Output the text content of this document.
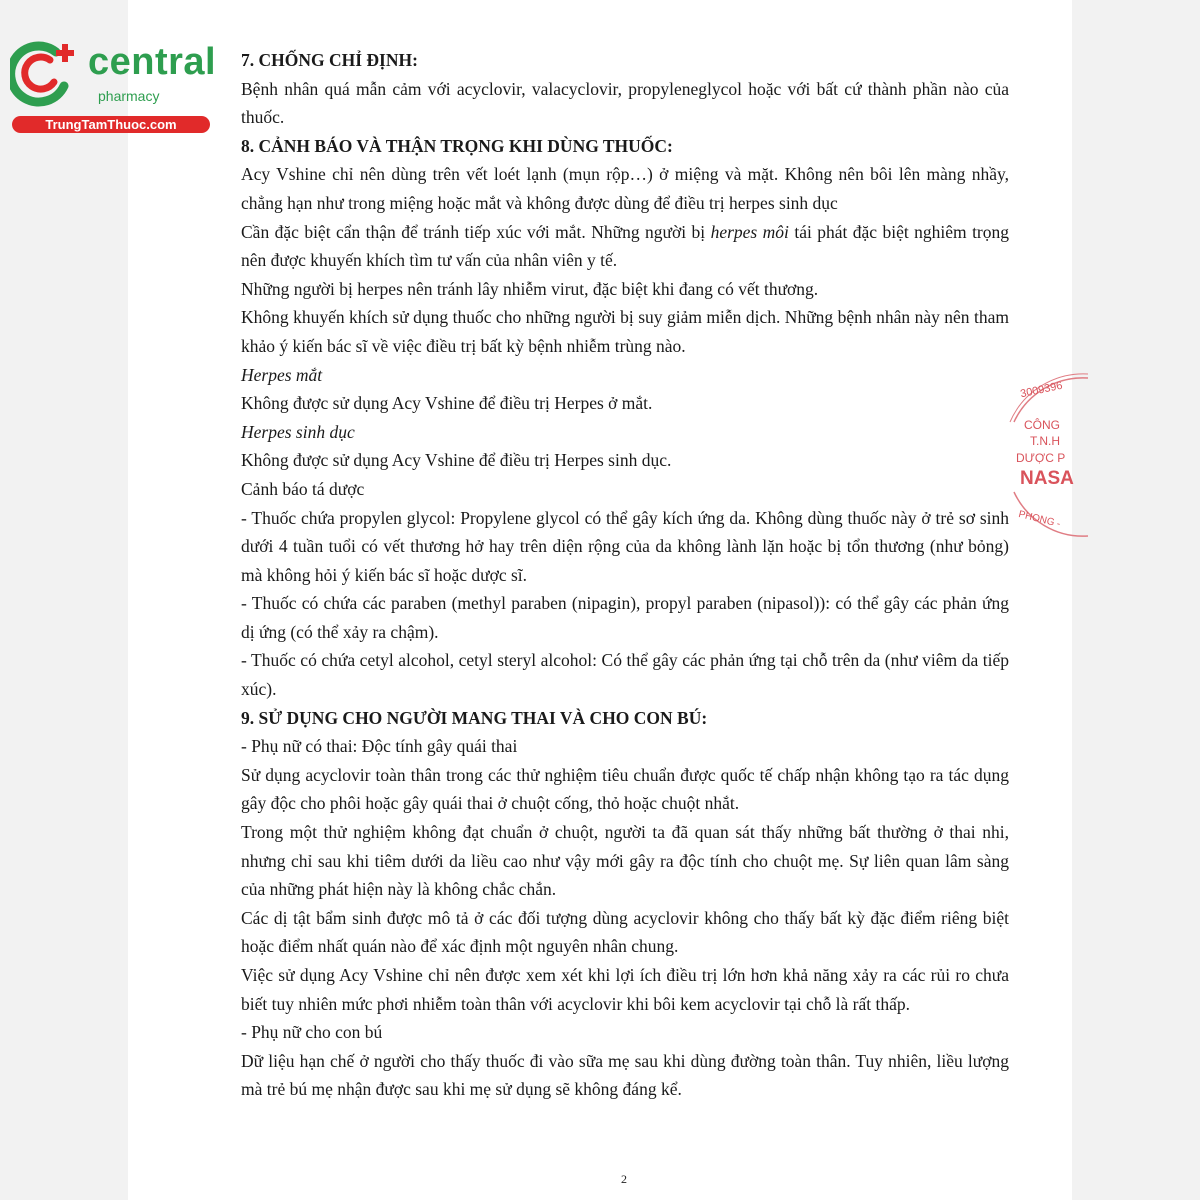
central
pharmacy
TrungTamThuoc.com
3009396
CÔNG
T.N.H
DƯỢC P
NASA
PHONG -
7. CHỐNG CHỈ ĐỊNH:

Bệnh nhân quá mẫn cảm với acyclovir, valacyclovir, propyleneglycol hoặc với bất cứ thành phần nào của thuốc.

8. CẢNH BÁO VÀ THẬN TRỌNG KHI DÙNG THUỐC:

Acy Vshine chỉ nên dùng trên vết loét lạnh (mụn rộp…) ở miệng và mặt. Không nên bôi lên màng nhầy, chẳng hạn như trong miệng hoặc mắt và không được dùng để điều trị herpes sinh dục

Cần đặc biệt cẩn thận để tránh tiếp xúc với mắt. Những người bị herpes môi tái phát đặc biệt nghiêm trọng nên được khuyến khích tìm tư vấn của nhân viên y tế.

Những người bị herpes nên tránh lây nhiễm virut, đặc biệt khi đang có vết thương.

Không khuyến khích sử dụng thuốc cho những người bị suy giảm miễn dịch. Những bệnh nhân này nên tham khảo ý kiến bác sĩ về việc điều trị bất kỳ bệnh nhiễm trùng nào.

Herpes mắt

Không được sử dụng Acy Vshine để điều trị Herpes ở mắt.

Herpes sinh dục

Không được sử dụng Acy Vshine để điều trị Herpes sinh dục.

Cảnh báo tá dược

- Thuốc chứa propylen glycol: Propylene glycol có thể gây kích ứng da. Không dùng thuốc này ở trẻ sơ sinh dưới 4 tuần tuổi có vết thương hở hay trên diện rộng của da không lành lặn hoặc bị tổn thương (như bỏng) mà không hỏi ý kiến bác sĩ hoặc dược sĩ.

- Thuốc có chứa các paraben (methyl paraben (nipagin), propyl paraben (nipasol)): có thể gây các phản ứng dị ứng (có thể xảy ra chậm).

- Thuốc có chứa cetyl alcohol, cetyl steryl alcohol: Có thể gây các phản ứng tại chỗ trên da (như viêm da tiếp xúc).

9. SỬ DỤNG CHO NGƯỜI MANG THAI VÀ CHO CON BÚ:

- Phụ nữ có thai: Độc tính gây quái thai

Sử dụng acyclovir toàn thân trong các thử nghiệm tiêu chuẩn được quốc tế chấp nhận không tạo ra tác dụng gây độc cho phôi hoặc gây quái thai ở chuột cống, thỏ hoặc chuột nhắt.

Trong một thử nghiệm không đạt chuẩn ở chuột, người ta đã quan sát thấy những bất thường ở thai nhi, nhưng chỉ sau khi tiêm dưới da liều cao như vậy mới gây ra độc tính cho chuột mẹ. Sự liên quan lâm sàng của những phát hiện này là không chắc chắn.

Các dị tật bẩm sinh được mô tả ở các đối tượng dùng acyclovir không cho thấy bất kỳ đặc điểm riêng biệt hoặc điểm nhất quán nào để xác định một nguyên nhân chung.

Việc sử dụng Acy Vshine chỉ nên được xem xét khi lợi ích điều trị lớn hơn khả năng xảy ra các rủi ro chưa biết tuy nhiên mức phơi nhiễm toàn thân với acyclovir khi bôi kem acyclovir tại chỗ là rất thấp.

- Phụ nữ cho con bú

Dữ liệu hạn chế ở người cho thấy thuốc đi vào sữa mẹ sau khi dùng đường toàn thân. Tuy nhiên, liều lượng mà trẻ bú mẹ nhận được sau khi mẹ sử dụng sẽ không đáng kể.

2
